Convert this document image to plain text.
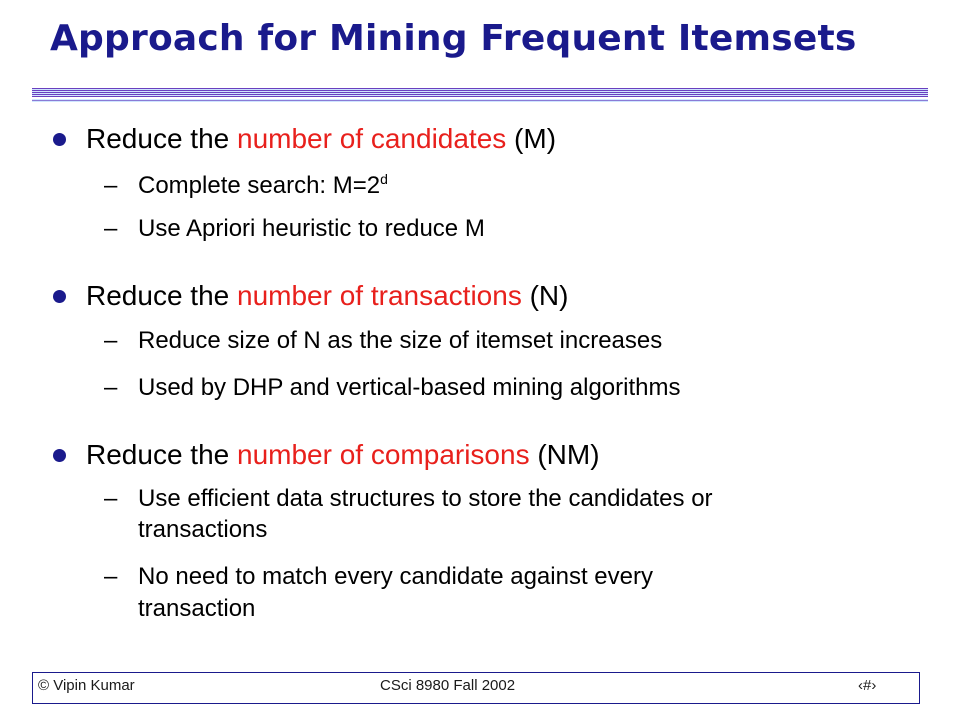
Approach for Mining Frequent Itemsets
Reduce the number of candidates (M)
– Complete search: $M=2^d$
– Use Apriori heuristic to reduce M
Reduce the number of transactions (N)
– Reduce size of N as the size of itemset increases
– Used by DHP and vertical-based mining algorithms
Reduce the number of comparisons (NM)
– Use efficient data structures to store the candidates or
transactions
– No need to match every candidate against every
transaction
© Vipin Kumar	CSci 8980 Fall 2002	‹#›
